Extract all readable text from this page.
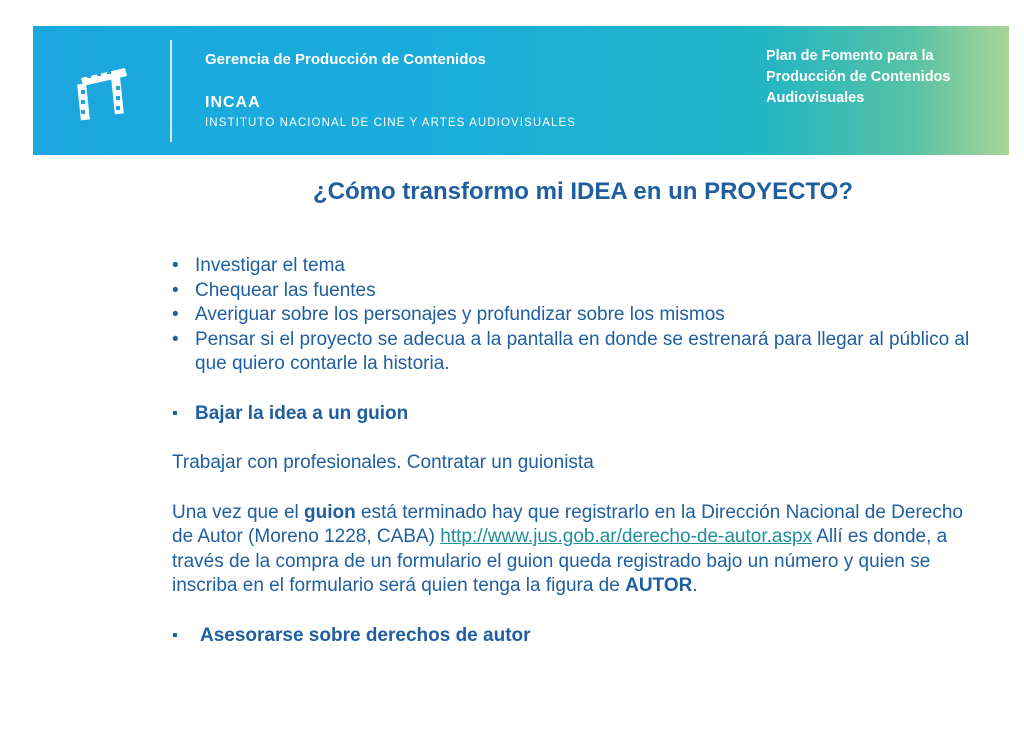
Gerencia de Producción de Contenidos
INCAA
INSTITUTO NACIONAL DE CINE Y ARTES AUDIOVISUALES
Plan de Fomento para la
Producción de Contenidos
Audiovisuales
¿Cómo transformo mi IDEA en un PROYECTO?
• Investigar el tema
• Chequear las fuentes
• Averiguar sobre los personajes y profundizar sobre los mismos
• Pensar si el proyecto se adecua a la pantalla en donde se estrenará para llegar al público al que quiero contarle la historia.
▪ Bajar la idea a un guion

Trabajar con profesionales. Contratar un guionista

Una vez que el guion está terminado hay que registrarlo en la Dirección Nacional de Derecho de Autor (Moreno 1228, CABA) http://www.jus.gob.ar/derecho-de-autor.aspx Allí es donde, a través de la compra de un formulario el guion queda registrado bajo un número y quien se inscriba en el formulario será quien tenga la figura de AUTOR.

▪ Asesorarse sobre derechos de autor
